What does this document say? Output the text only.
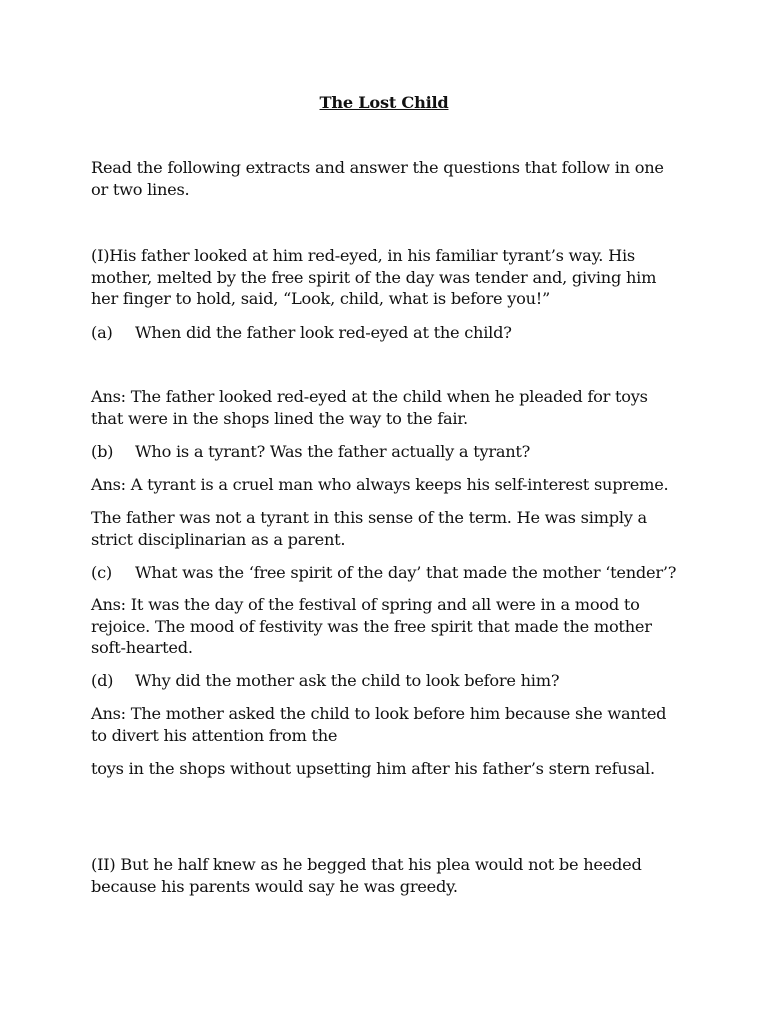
The Lost Child

Read the following extracts and answer the questions that follow in one or two lines.

(I)His father looked at him red-eyed, in his familiar tyrant’s way. His mother, melted by the free spirit of the day was tender and, giving him her finger to hold, said, “Look, child, what is before you!”

(a) When did the father look red-eyed at the child?

Ans: The father looked red-eyed at the child when he pleaded for toys that were in the shops lined the way to the fair.

(b) Who is a tyrant? Was the father actually a tyrant?

Ans: A tyrant is a cruel man who always keeps his self-interest supreme.

The father was not a tyrant in this sense of the term. He was simply a strict disciplinarian as a parent.

(c) What was the ‘free spirit of the day’ that made the mother ‘tender’?

Ans: It was the day of the festival of spring and all were in a mood to rejoice. The mood of festivity was the free spirit that made the mother soft-hearted.

(d) Why did the mother ask the child to look before him?

Ans: The mother asked the child to look before him because she wanted to divert his attention from the

toys in the shops without upsetting him after his father’s stern refusal.

(II) But he half knew as he begged that his plea would not be heeded because his parents would say he was greedy.
